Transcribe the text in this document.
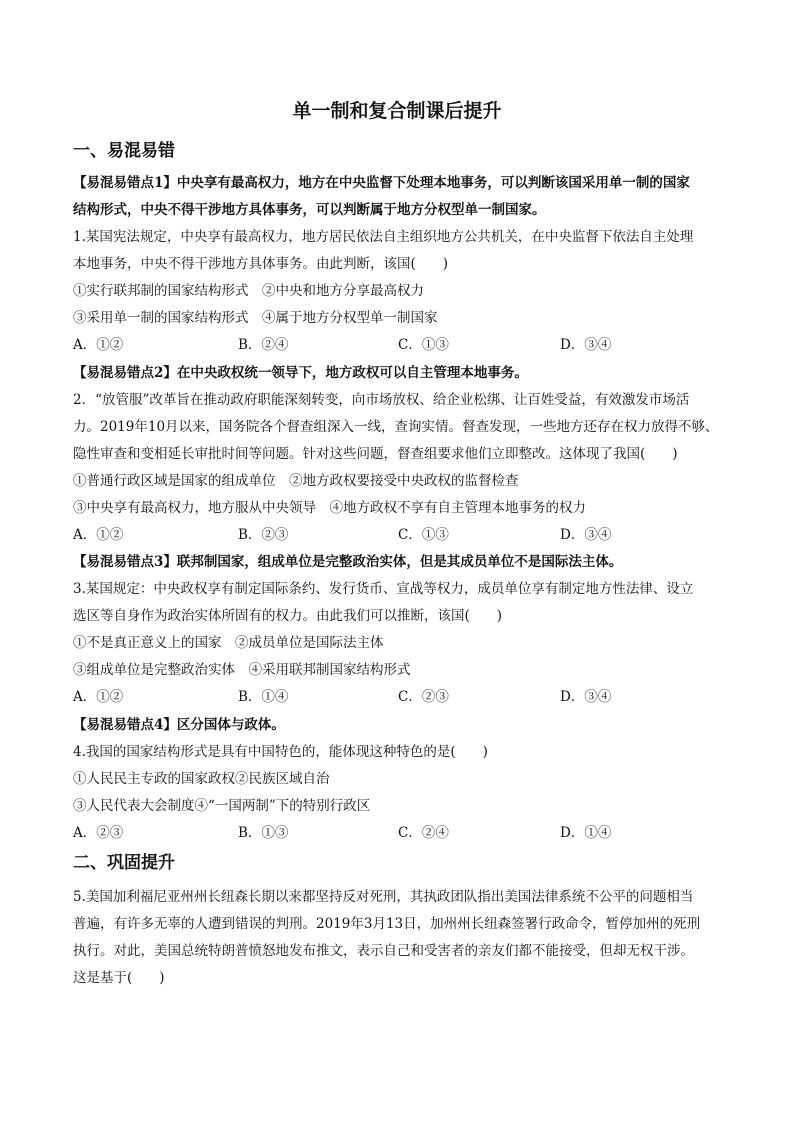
单一制和复合制课后提升
一、易混易错
【易混易错点1】中央享有最高权力，地方在中央监督下处理本地事务，可以判断该国采用单一制的国家
结构形式，中央不得干涉地方具体事务，可以判断属于地方分权型单一制国家。
1.某国宪法规定，中央享有最高权力，地方居民依法自主组织地方公共机关，在中央监督下依法自主处理
本地事务，中央不得干涉地方具体事务。由此判断，该国(　　)
①实行联邦制的国家结构形式　②中央和地方分享最高权力
③采用单一制的国家结构形式　④属于地方分权型单一制国家
A．①②	B．②④	C．①③	D．③④
【易混易错点2】在中央政权统一领导下，地方政权可以自主管理本地事务。
2．“放管服”改革旨在推动政府职能深刻转变，向市场放权、给企业松绑、让百姓受益，有效激发市场活
力。2019年10月以来，国务院各个督查组深入一线，查询实情。督查发现，一些地方还存在权力放得不够、
隐性审查和变相延长审批时间等问题。针对这些问题，督查组要求他们立即整改。这体现了我国(　　)
①普通行政区域是国家的组成单位　②地方政权要接受中央政权的监督检查
③中央享有最高权力，地方服从中央领导　④地方政权不享有自主管理本地事务的权力
A．①②	B．②③	C．①③	D．③④
【易混易错点3】联邦制国家，组成单位是完整政治实体，但是其成员单位不是国际法主体。
3.某国规定：中央政权享有制定国际条约、发行货币、宣战等权力，成员单位享有制定地方性法律、设立
选区等自身作为政治实体所固有的权力。由此我们可以推断，该国(　　)
①不是真正意义上的国家　②成员单位是国际法主体
③组成单位是完整政治实体　④采用联邦制国家结构形式
A．①②	B．①④	C．②③	D．③④
【易混易错点4】区分国体与政体。
4.我国的国家结构形式是具有中国特色的，能体现这种特色的是(　　)
①人民民主专政的国家政权②民族区域自治
③人民代表大会制度④“一国两制”下的特别行政区
A．②③	B．①③	C．②④	D．①④
二、巩固提升
5.美国加利福尼亚州州长纽森长期以来都坚持反对死刑，其执政团队指出美国法律系统不公平的问题相当
普遍，有许多无辜的人遭到错误的判刑。2019年3月13日，加州州长纽森签署行政命令，暂停加州的死刑
执行。对此，美国总统特朗普愤怒地发布推文，表示自己和受害者的亲友们都不能接受，但却无权干涉。
这是基于(　　)
